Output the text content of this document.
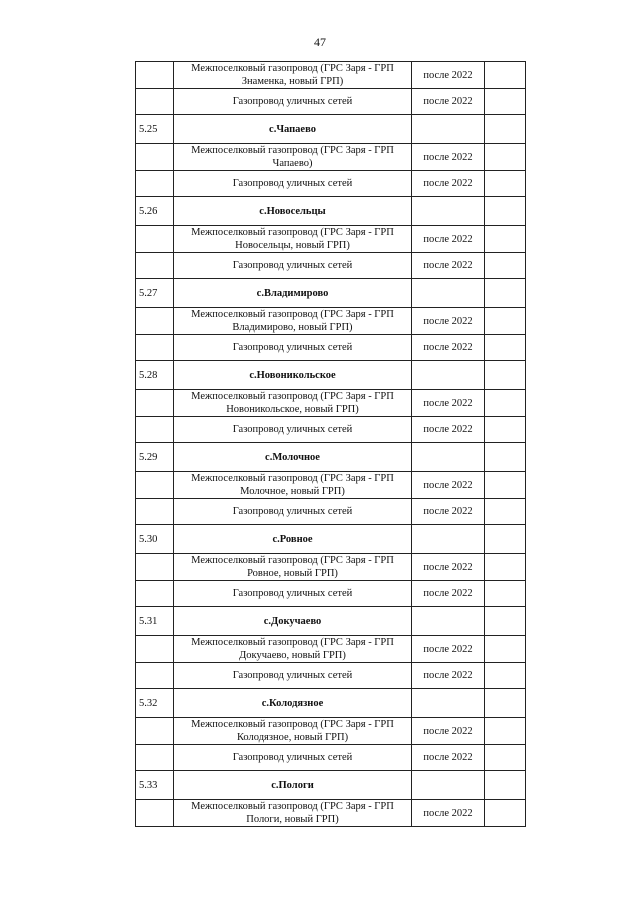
47
	Межпоселковый газопровод (ГРС Заря - ГРП Знаменка, новый ГРП)	после 2022	
	Газопровод уличных сетей	после 2022	
5.25	с.Чапаево		
	Межпоселковый газопровод (ГРС Заря - ГРП Чапаево)	после 2022	
	Газопровод уличных сетей	после 2022	
5.26	с.Новосельцы		
	Межпоселковый газопровод (ГРС Заря - ГРП Новосельцы, новый ГРП)	после 2022	
	Газопровод уличных сетей	после 2022	
5.27	с.Владимирово		
	Межпоселковый газопровод (ГРС Заря - ГРП Владимирово, новый ГРП)	после 2022	
	Газопровод уличных сетей	после 2022	
5.28	с.Новоникольское		
	Межпоселковый газопровод (ГРС Заря - ГРП Новоникольское, новый ГРП)	после 2022	
	Газопровод уличных сетей	после 2022	
5.29	с.Молочное		
	Межпоселковый газопровод (ГРС Заря - ГРП Молочное, новый ГРП)	после 2022	
	Газопровод уличных сетей	после 2022	
5.30	с.Ровное		
	Межпоселковый газопровод (ГРС Заря - ГРП Ровное, новый ГРП)	после 2022	
	Газопровод уличных сетей	после 2022	
5.31	с.Докучаево		
	Межпоселковый газопровод (ГРС Заря - ГРП Докучаево, новый ГРП)	после 2022	
	Газопровод уличных сетей	после 2022	
5.32	с.Колодязное		
	Межпоселковый газопровод (ГРС Заря - ГРП Колодязное, новый ГРП)	после 2022	
	Газопровод уличных сетей	после 2022	
5.33	с.Пологи		
	Межпоселковый газопровод (ГРС Заря - ГРП Пологи, новый ГРП)	после 2022	
